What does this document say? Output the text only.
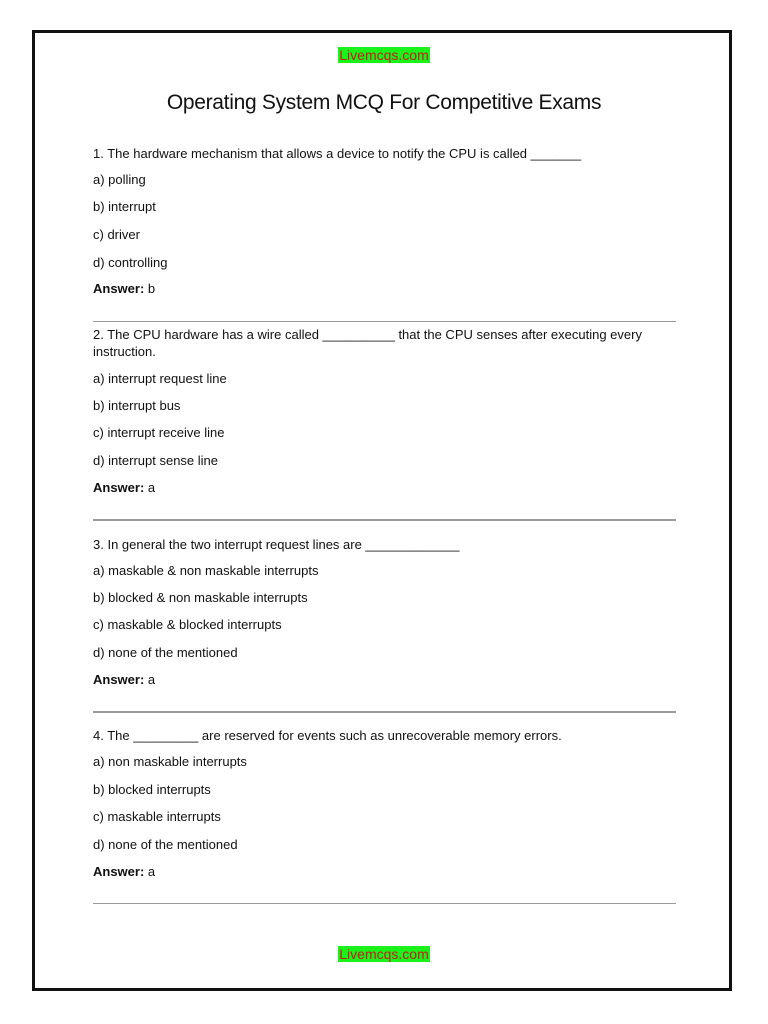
Livemcqs.com
Operating System MCQ For Competitive Exams

1. The hardware mechanism that allows a device to notify the CPU is called _______

a) polling

b) interrupt

c) driver

d) controlling

Answer: b

2. The CPU hardware has a wire called __________ that the CPU senses after executing every instruction.

a) interrupt request line

b) interrupt bus

c) interrupt receive line

d) interrupt sense line

Answer: a

3. In general the two interrupt request lines are _____________

a) maskable & non maskable interrupts

b) blocked & non maskable interrupts

c) maskable & blocked interrupts

d) none of the mentioned

Answer: a

4. The _________ are reserved for events such as unrecoverable memory errors.

a) non maskable interrupts

b) blocked interrupts

c) maskable interrupts

d) none of the mentioned

Answer: a

Livemcqs.com
